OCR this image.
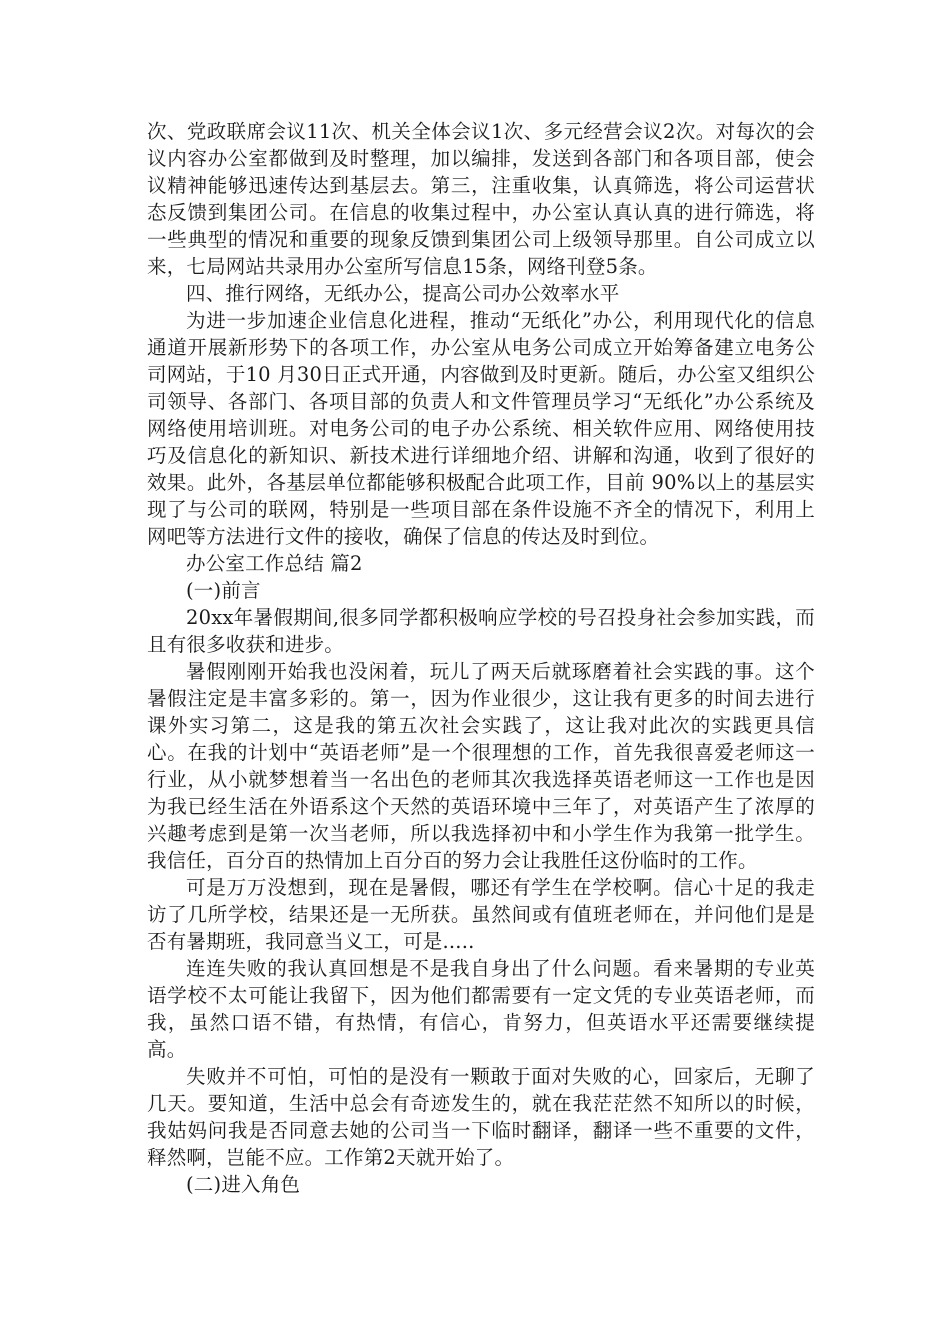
次、党政联席会议11次、机关全体会议1次、多元经营会议2次。对每次的会议内容办公室都做到及时整理，加以编排，发送到各部门和各项目部，使会议精神能够迅速传达到基层去。第三，注重收集，认真筛选，将公司运营状态反馈到集团公司。在信息的收集过程中，办公室认真认真的进行筛选，将一些典型的情况和重要的现象反馈到集团公司上级领导那里。自公司成立以来，七局网站共录用办公室所写信息15条，网络刊登5条。

四、推行网络，无纸办公，提高公司办公效率水平

为进一步加速企业信息化进程，推动“无纸化”办公，利用现代化的信息通道开展新形势下的各项工作，办公室从电务公司成立开始筹备建立电务公司网站，于10 月30日正式开通，内容做到及时更新。随后，办公室又组织公司领导、各部门、各项目部的负责人和文件管理员学习“无纸化”办公系统及网络使用培训班。对电务公司的电子办公系统、相关软件应用、网络使用技巧及信息化的新知识、新技术进行详细地介绍、讲解和沟通，收到了很好的效果。此外，各基层单位都能够积极配合此项工作，目前 90%以上的基层实现了与公司的联网，特别是一些项目部在条件设施不齐全的情况下，利用上网吧等方法进行文件的接收，确保了信息的传达及时到位。

办公室工作总结 篇2

(一)前言

20xx年暑假期间,很多同学都积极响应学校的号召投身社会参加实践，而且有很多收获和进步。

暑假刚刚开始我也没闲着，玩儿了两天后就琢磨着社会实践的事。这个暑假注定是丰富多彩的。第一，因为作业很少，这让我有更多的时间去进行课外实习第二，这是我的第五次社会实践了，这让我对此次的实践更具信心。在我的计划中“英语老师”是一个很理想的工作，首先我很喜爱老师这一行业，从小就梦想着当一名出色的老师其次我选择英语老师这一工作也是因为我已经生活在外语系这个天然的英语环境中三年了，对英语产生了浓厚的兴趣考虑到是第一次当老师，所以我选择初中和小学生作为我第一批学生。我信任，百分百的热情加上百分百的努力会让我胜任这份临时的工作。

可是万万没想到，现在是暑假，哪还有学生在学校啊。信心十足的我走访了几所学校，结果还是一无所获。虽然间或有值班老师在，并问他们是是否有暑期班，我同意当义工，可是.....

连连失败的我认真回想是不是我自身出了什么问题。看来暑期的专业英语学校不太可能让我留下，因为他们都需要有一定文凭的专业英语老师，而我，虽然口语不错，有热情，有信心，肯努力，但英语水平还需要继续提高。

失败并不可怕，可怕的是没有一颗敢于面对失败的心，回家后，无聊了几天。要知道，生活中总会有奇迹发生的，就在我茫茫然不知所以的时候，我姑妈问我是否同意去她的公司当一下临时翻译，翻译一些不重要的文件，释然啊，岂能不应。工作第2天就开始了。

(二)进入角色
